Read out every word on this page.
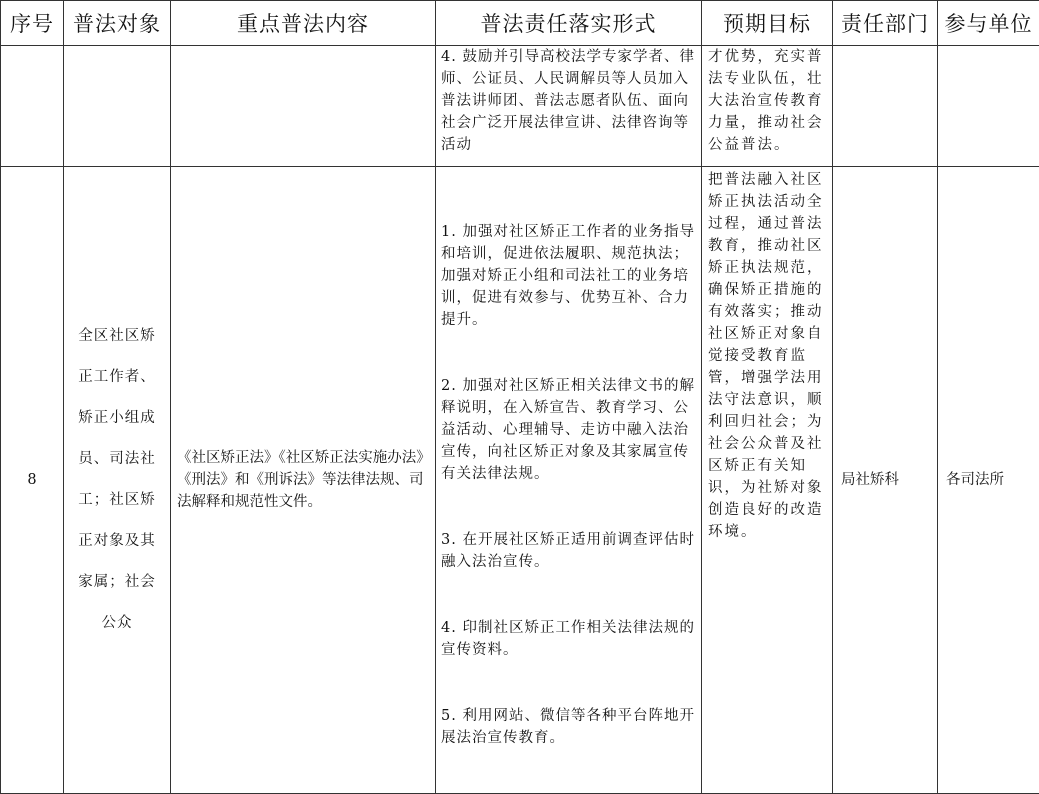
序号	普法对象	重点普法内容	普法责任落实形式	预期目标	责任部门	参与单位
			4. 鼓励并引导高校法学专家学者、律师、公证员、人民调解员等人员加入普法讲师团、普法志愿者队伍、面向社会广泛开展法律宣讲、法律咨询等活动	才优势，充实普法专业队伍，壮大法治宣传教育力量，推动社会公益普法。		
8	全区社区矫正工作者、矫正小组成员、司法社工；社区矫正对象及其家属；社会公众	《社区矫正法》《社区矫正法实施办法》《刑法》和《刑诉法》等法律法规、司法解释和规范性文件。	1. 加强对社区矫正工作者的业务指导和培训，促进依法履职、规范执法；加强对矫正小组和司法社工的业务培训，促进有效参与、优势互补、合力提升。

2. 加强对社区矫正相关法律文书的解释说明，在入矫宣告、教育学习、公益活动、心理辅导、走访中融入法治宣传，向社区矫正对象及其家属宣传有关法律法规。

3. 在开展社区矫正适用前调查评估时融入法治宣传。

4. 印制社区矫正工作相关法律法规的宣传资料。

5. 利用网站、微信等各种平台阵地开展法治宣传教育。	把普法融入社区矫正执法活动全过程，通过普法教育，推动社区矫正执法规范，确保矫正措施的有效落实；推动社区矫正对象自觉接受教育监管，增强学法用法守法意识，顺利回归社会；为社会公众普及社区矫正有关知识，为社矫对象创造良好的改造环境。	局社矫科	各司法所
